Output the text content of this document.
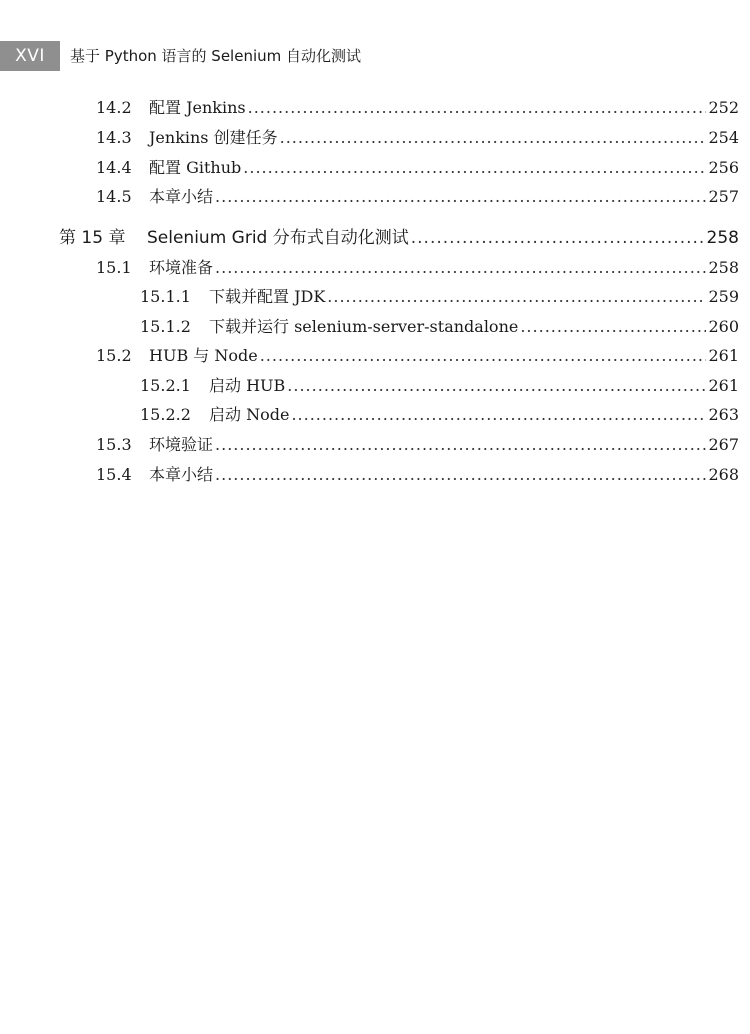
XVI	基于 Python 语言的 Selenium 自动化测试
14.2	配置 Jenkins .....	252
14.3	Jenkins 创建任务 .....	254
14.4	配置 Github .....	256
14.5	本章小结 .....	257
第 15 章	Selenium Grid 分布式自动化测试 .....	258
15.1	环境准备 .....	258
15.1.1	下载并配置 JDK .....	259
15.1.2	下载并运行 selenium-server-standalone .....	260
15.2	HUB 与 Node .....	261
15.2.1	启动 HUB .....	261
15.2.2	启动 Node .....	263
15.3	环境验证 .....	267
15.4	本章小结 .....	268
